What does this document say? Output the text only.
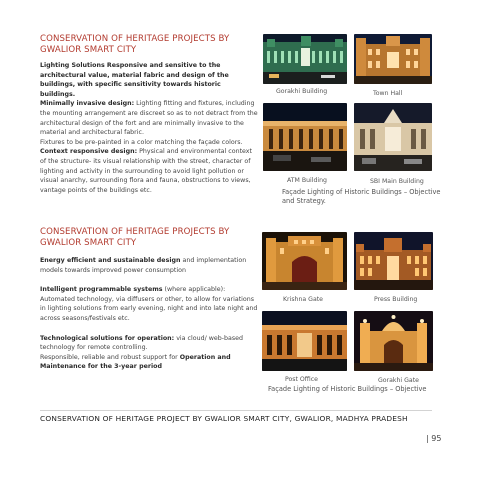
CONSERVATION OF HERITAGE PROJECTS BY
GWALIOR SMART CITY

Lighting Solutions Responsive and sensitive to the architectural value, material fabric and design of the buildings, with specific sensitivity towards historic buildings.

Minimally invasive design: Lighting fitting and fixtures, including the mounting arrangement are discreet so as to not detract from the architectural design of the fort and are minimally invasive to the material and architectural fabric.

Fixtures to be pre-painted in a color matching the façade colors.

Context responsive design: Physical and environmental context of the structure- its visual relationship with the street, character of lighting and activity in the surrounding to avoid light pollution or visual anarchy, surrounding flora and fauna, obstructions to views, vantage points of the buildings etc.

CONSERVATION OF HERITAGE PROJECTS BY
GWALIOR SMART CITY

Energy efficient and sustainable design and implementation models towards improved power consumption

Intelligent programmable systems (where applicable): Automated technology, via diffusers or other, to allow for variations in lighting solutions from early evening, night and into late night and across seasons/festivals etc.

Technological solutions for operation: via cloud/ web-based technology for remote controlling.

Responsible, reliable and robust support for Operation and Maintenance for the 3-year period

Gorakhi Building	Town Hall
ATM Building	SBI Main Building
Façade Lighting of Historic Buildings – Objective and Strategy.
Krishna Gate	Press Building
Post Office	Gorakhi Gate
Façade Lighting of Historic Buildings – Objective
CONSERVATION OF HERITAGE PROJECT BY GWALIOR SMART CITY, GWALIOR, MADHYA PRADESH
| 95
